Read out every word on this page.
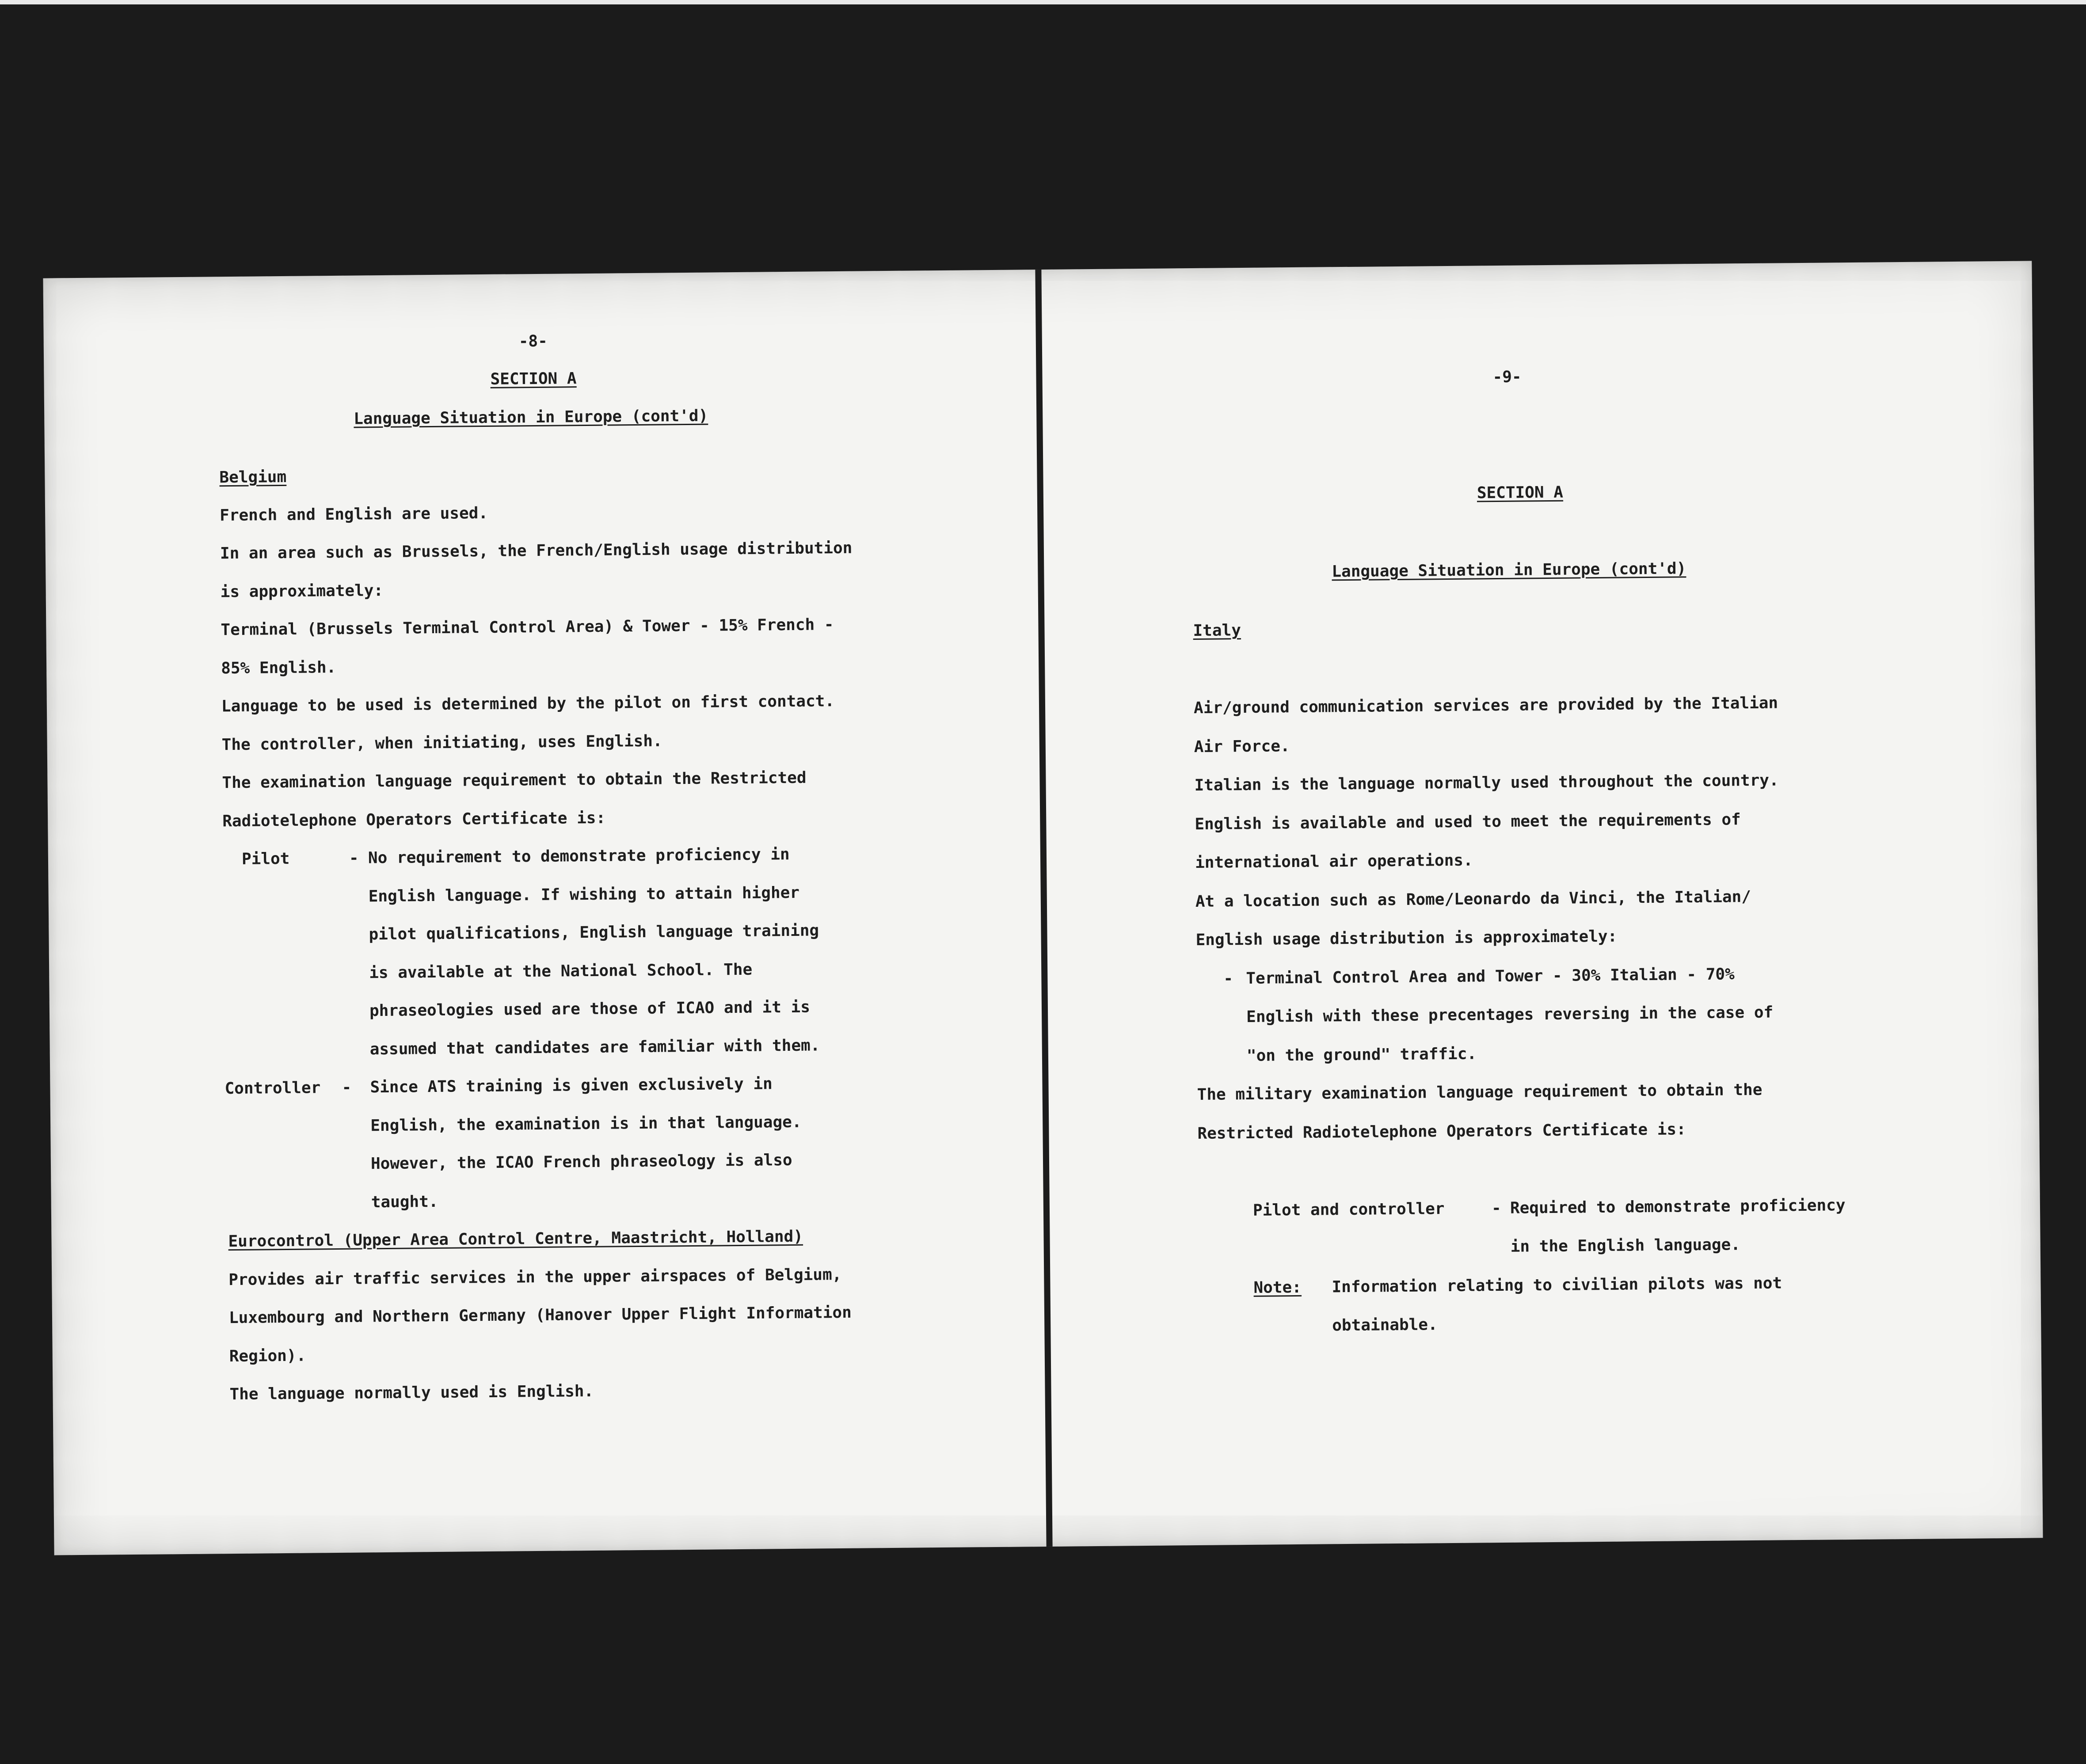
-8-

SECTION A

Language Situation in Europe (cont'd)

Belgium

French and English are used.

In an area such as Brussels, the French/English usage distribution

is approximately:

Terminal (Brussels Terminal Control Area) & Tower - 15% French -

85% English.

Language to be used is determined by the pilot on first contact.

The controller, when initiating, uses English.

The examination language requirement to obtain the Restricted

Radiotelephone Operators Certificate is:

Pilot	- No requirement to demonstrate proficiency in

English language. If wishing to attain higher

pilot qualifications, English language training

is available at the National School. The

phraseologies used are those of ICAO and it is

assumed that candidates are familiar with them.

Controller - Since ATS training is given exclusively in

English, the examination is in that language.

However, the ICAO French phraseology is also

taught.

Eurocontrol (Upper Area Control Centre, Maastricht, Holland)

Provides air traffic services in the upper airspaces of Belgium,

Luxembourg and Northern Germany (Hanover Upper Flight Information

Region).

The language normally used is English.

-9-

SECTION A

Language Situation in Europe (cont'd)

Italy

Air/ground communication services are provided by the Italian

Air Force.

Italian is the language normally used throughout the country.

English is available and used to meet the requirements of

international air operations.

At a location such as Rome/Leonardo da Vinci, the Italian/

English usage distribution is approximately:

- Terminal Control Area and Tower - 30% Italian - 70%

English with these precentages reversing in the case of

"on the ground" traffic.

The military examination language requirement to obtain the

Restricted Radiotelephone Operators Certificate is:

Pilot and controller	- Required to demonstrate proficiency

in the English language.

Note: Information relating to civilian pilots was not

obtainable.
